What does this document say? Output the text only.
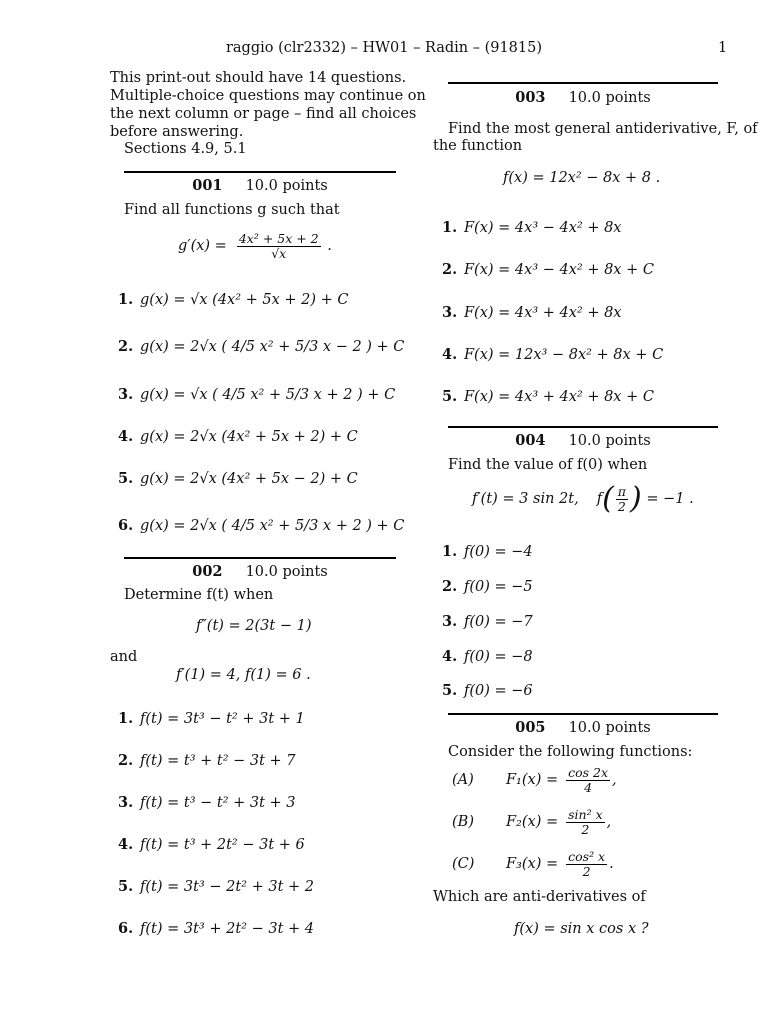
raggio (clr2332) – HW01 – Radin – (91815)	1
This print-out should have 14 questions.
Multiple-choice questions may continue on
the next column or page – find all choices
before answering.
Sections 4.9, 5.1
001 10.0 points
Find all functions g such that
$g'(x) = \frac{\text{4x² + 5x + 2}}{√x}$ .
1. g(x) = √x (4x² + 5x + 2) + C
2. g(x) = 2√x ( 4/5 x² + 5/3 x − 2 ) + C
3. g(x) = √x ( 4/5 x² + 5/3 x + 2 ) + C
4. g(x) = 2√x (4x² + 5x + 2) + C
5. g(x) = 2√x (4x² + 5x − 2) + C
6. g(x) = 2√x ( 4/5 x² + 5/3 x + 2 ) + C
002 10.0 points
Determine f(t) when
f″(t) = 2(3t − 1)
and
f′(1) = 4, f(1) = 6 .
1. f(t) = 3t³ − t² + 3t + 1
2. f(t) = t³ + t² − 3t + 7
3. f(t) = t³ − t² + 3t + 3
4. f(t) = t³ + 2t² − 3t + 6
5. f(t) = 3t³ − 2t² + 3t + 2
6. f(t) = 3t³ + 2t² − 3t + 4
003 10.0 points
Find the most general antiderivative, F, of
the function
f(x) = 12x² − 8x + 8 .
1. F(x) = 4x³ − 4x² + 8x
2. F(x) = 4x³ − 4x² + 8x + C
3. F(x) = 4x³ + 4x² + 8x
4. F(x) = 12x³ − 8x² + 8x + C
5. F(x) = 4x³ + 4x² + 8x + C
004 10.0 points
Find the value of f(0) when
f′(t) = 3 sin 2t, f ( $\frac{\pi}{2}$ )
= −1 .
1. f(0) = −4
2. f(0) = −5
3. f(0) = −7
4. f(0) = −8
5. f(0) = −6
005 10.0 points
Consider the following functions:
(A)	$F_1(x) = \frac{\cos 2x}{4}$ ,
(B)	$F_2(x) = \frac{\text{sin² x}}{2}$ ,
(C)	$F_3(x) = \frac{\text{cos² x}}{2}$ .
Which are anti-derivatives of
f(x) = sin x cos x ?
